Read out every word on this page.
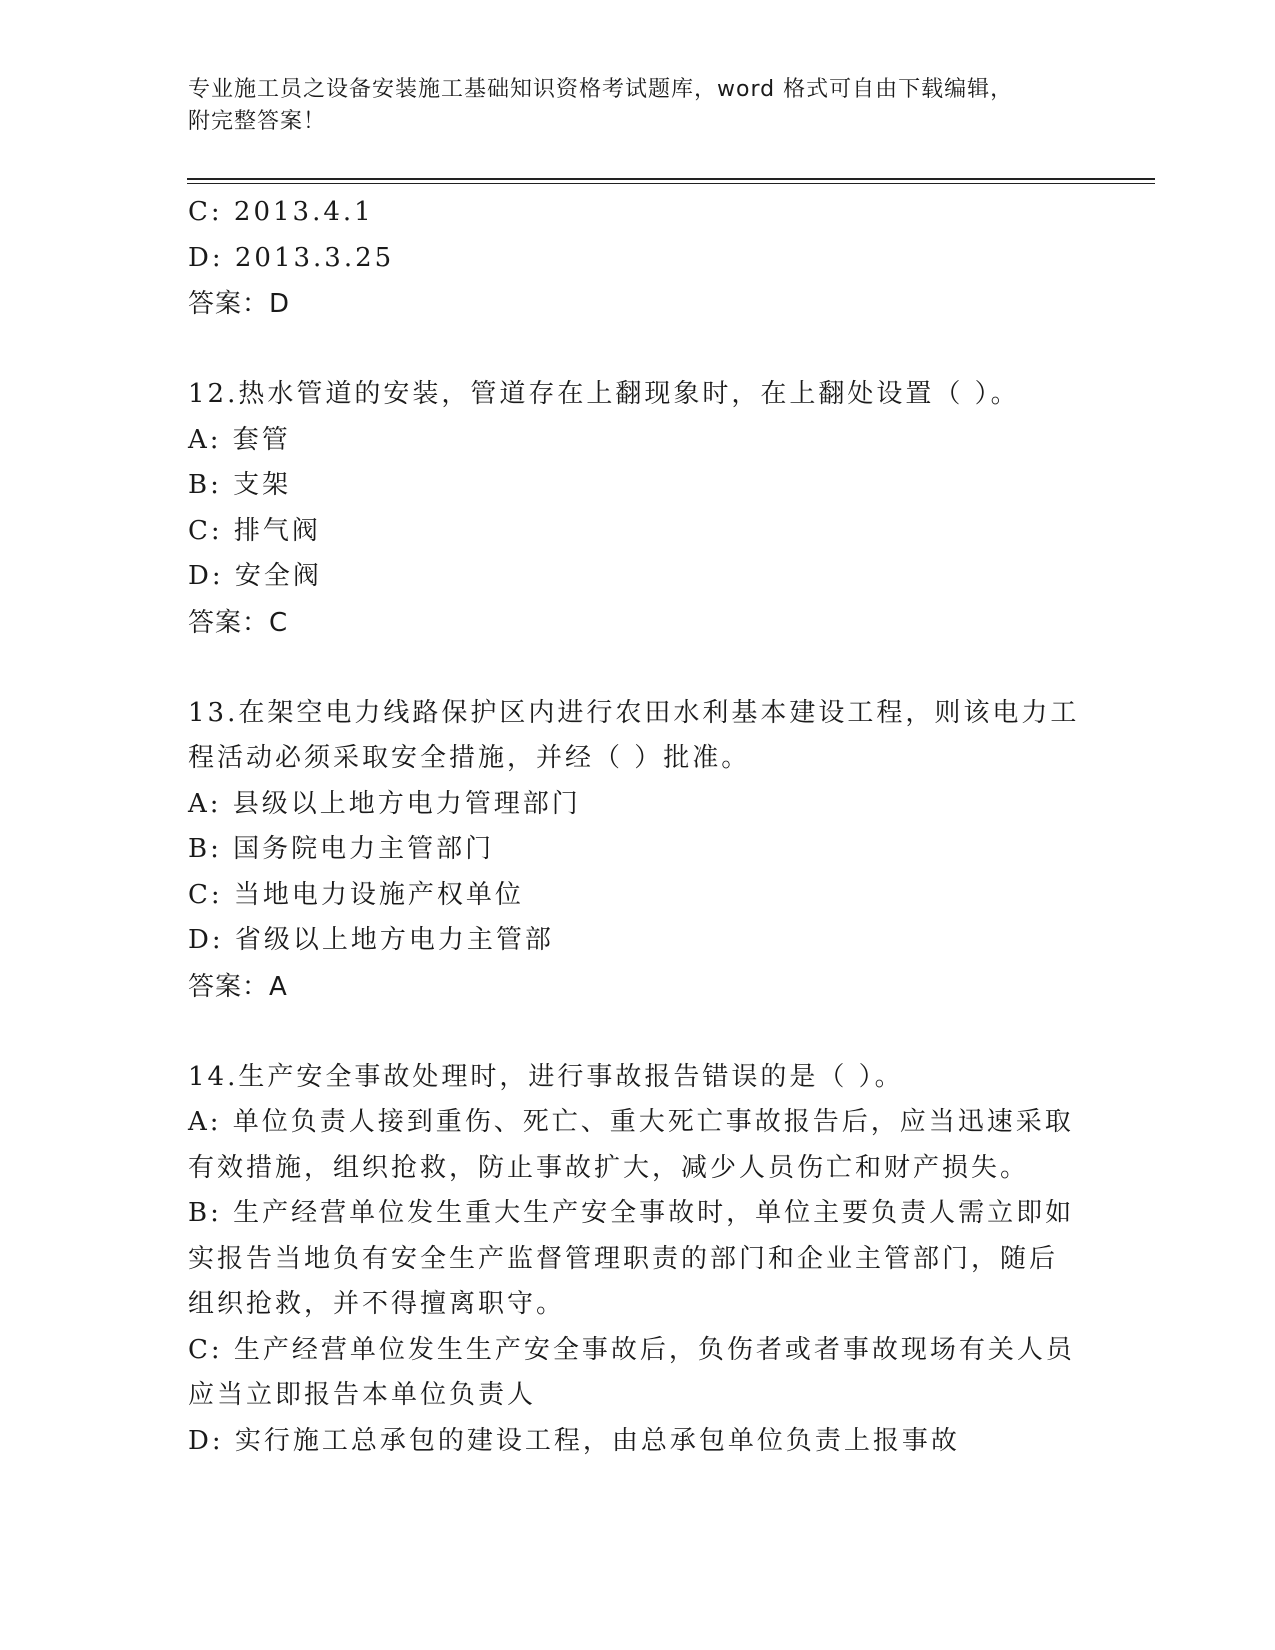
专业施工员之设备安装施工基础知识资格考试题库，word 格式可自由下载编辑，
附完整答案！

C: 2013.4.1

D: 2013.3.25

答案：D

12.热水管道的安装，管道存在上翻现象时，在上翻处设置（ ）。

A: 套管

B: 支架

C: 排气阀

D: 安全阀

答案：C

13.在架空电力线路保护区内进行农田水利基本建设工程，则该电力工

程活动必须采取安全措施，并经（ ）批准。

A: 县级以上地方电力管理部门

B: 国务院电力主管部门

C: 当地电力设施产权单位

D: 省级以上地方电力主管部

答案：A

14.生产安全事故处理时，进行事故报告错误的是（ ）。

A: 单位负责人接到重伤、死亡、重大死亡事故报告后，应当迅速采取

有效措施，组织抢救，防止事故扩大，减少人员伤亡和财产损失。

B: 生产经营单位发生重大生产安全事故时，单位主要负责人需立即如

实报告当地负有安全生产监督管理职责的部门和企业主管部门，随后

组织抢救，并不得擅离职守。

C: 生产经营单位发生生产安全事故后，负伤者或者事故现场有关人员

应当立即报告本单位负责人

D: 实行施工总承包的建设工程，由总承包单位负责上报事故
